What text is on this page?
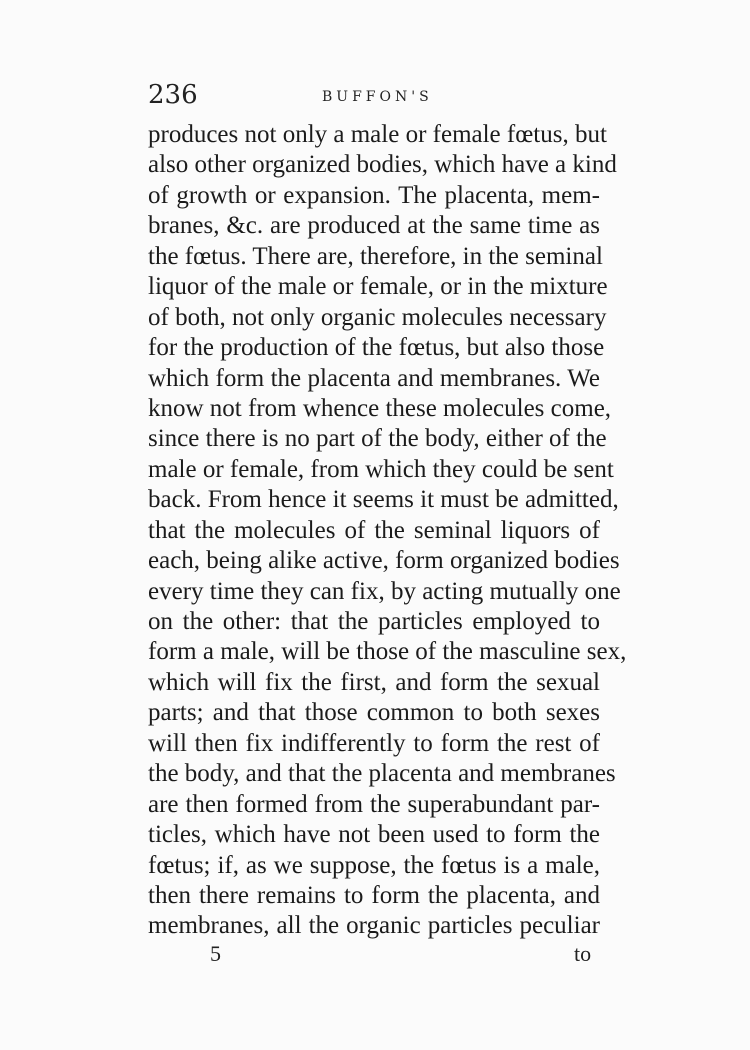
236	BUFFON'S
produces not only a male or female fœtus, but
also other organized bodies, which have a kind
of growth or expansion. The placenta, mem-
branes, &c. are produced at the same time as
the fœtus. There are, therefore, in the seminal
liquor of the male or female, or in the mixture
of both, not only organic molecules necessary
for the production of the fœtus, but also those
which form the placenta and membranes. We
know not from whence these molecules come,
since there is no part of the body, either of the
male or female, from which they could be sent
back. From hence it seems it must be admitted,
that the molecules of the seminal liquors of
each, being alike active, form organized bodies
every time they can fix, by acting mutually one
on the other: that the particles employed to
form a male, will be those of the masculine sex,
which will fix the first, and form the sexual
parts; and that those common to both sexes
will then fix indifferently to form the rest of
the body, and that the placenta and membranes
are then formed from the superabundant par-
ticles, which have not been used to form the
fœtus; if, as we suppose, the fœtus is a male,
then there remains to form the placenta, and
membranes, all the organic particles peculiar
5	to
